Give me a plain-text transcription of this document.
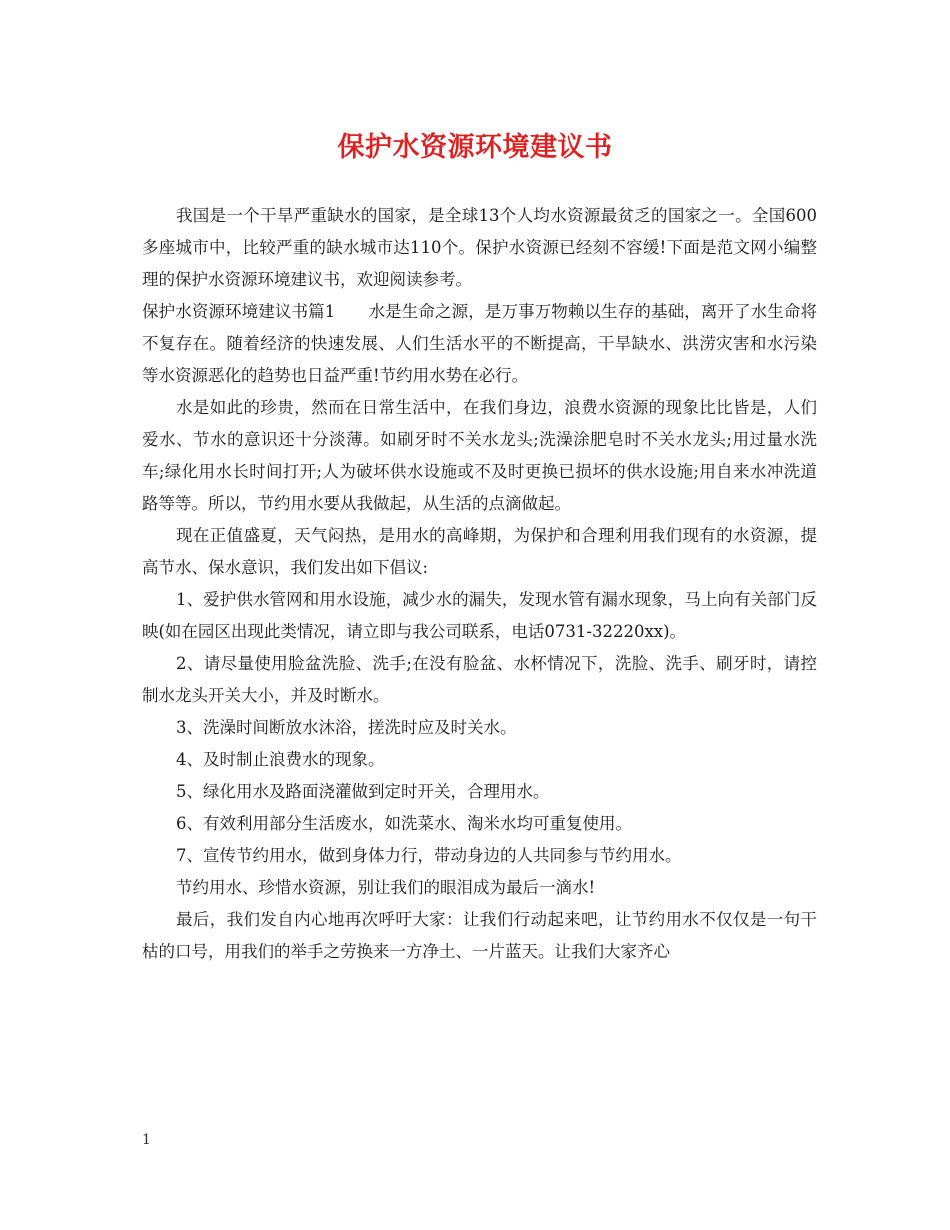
保护水资源环境建议书

我国是一个干旱严重缺水的国家，是全球13个人均水资源最贫乏的国家之一。全国600多座城市中，比较严重的缺水城市达110个。保护水资源已经刻不容缓!下面是范文网小编整理的保护水资源环境建议书，欢迎阅读参考。

保护水资源环境建议书篇1　　水是生命之源，是万事万物赖以生存的基础，离开了水生命将不复存在。随着经济的快速发展、人们生活水平的不断提高，干旱缺水、洪涝灾害和水污染等水资源恶化的趋势也日益严重!节约用水势在必行。

水是如此的珍贵，然而在日常生活中，在我们身边，浪费水资源的现象比比皆是，人们爱水、节水的意识还十分淡薄。如刷牙时不关水龙头;洗澡涂肥皂时不关水龙头;用过量水洗车;绿化用水长时间打开;人为破坏供水设施或不及时更换已损坏的供水设施;用自来水冲洗道路等等。所以，节约用水要从我做起，从生活的点滴做起。

现在正值盛夏，天气闷热，是用水的高峰期，为保护和合理利用我们现有的水资源，提高节水、保水意识，我们发出如下倡议:

1、爱护供水管网和用水设施，减少水的漏失，发现水管有漏水现象，马上向有关部门反映(如在园区出现此类情况，请立即与我公司联系，电话0731-32220xx)。

2、请尽量使用脸盆洗脸、洗手;在没有脸盆、水杯情况下，洗脸、洗手、刷牙时，请控制水龙头开关大小，并及时断水。

3、洗澡时间断放水沐浴，搓洗时应及时关水。

4、及时制止浪费水的现象。

5、绿化用水及路面浇灌做到定时开关，合理用水。

6、有效利用部分生活废水，如洗菜水、淘米水均可重复使用。

7、宣传节约用水，做到身体力行，带动身边的人共同参与节约用水。

节约用水、珍惜水资源，别让我们的眼泪成为最后一滴水!

最后，我们发自内心地再次呼吁大家：让我们行动起来吧，让节约用水不仅仅是一句干枯的口号，用我们的举手之劳换来一方净土、一片蓝天。让我们大家齐心

1
